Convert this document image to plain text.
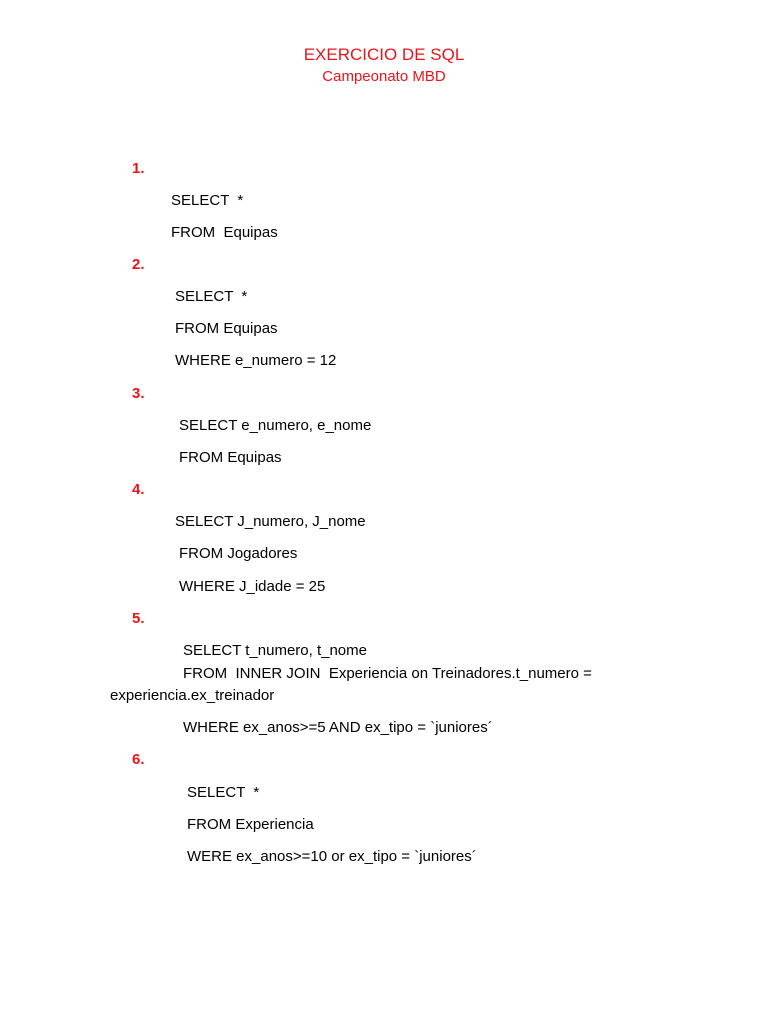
EXERCICIO DE SQL
Campeonato MBD
1.
SELECT  *
FROM  Equipas
2.
SELECT  *
FROM Equipas
WHERE e_numero = 12
3.
SELECT e_numero, e_nome
FROM Equipas
4.
SELECT J_numero, J_nome
FROM Jogadores
WHERE J_idade = 25
5.
SELECT t_numero, t_nome
FROM  INNER JOIN  Experiencia on Treinadores.t_numero =
experiencia.ex_treinador
WHERE ex_anos>=5 AND ex_tipo = `juniores´
6.
SELECT  *
FROM Experiencia
WERE ex_anos>=10 or ex_tipo = `juniores´
